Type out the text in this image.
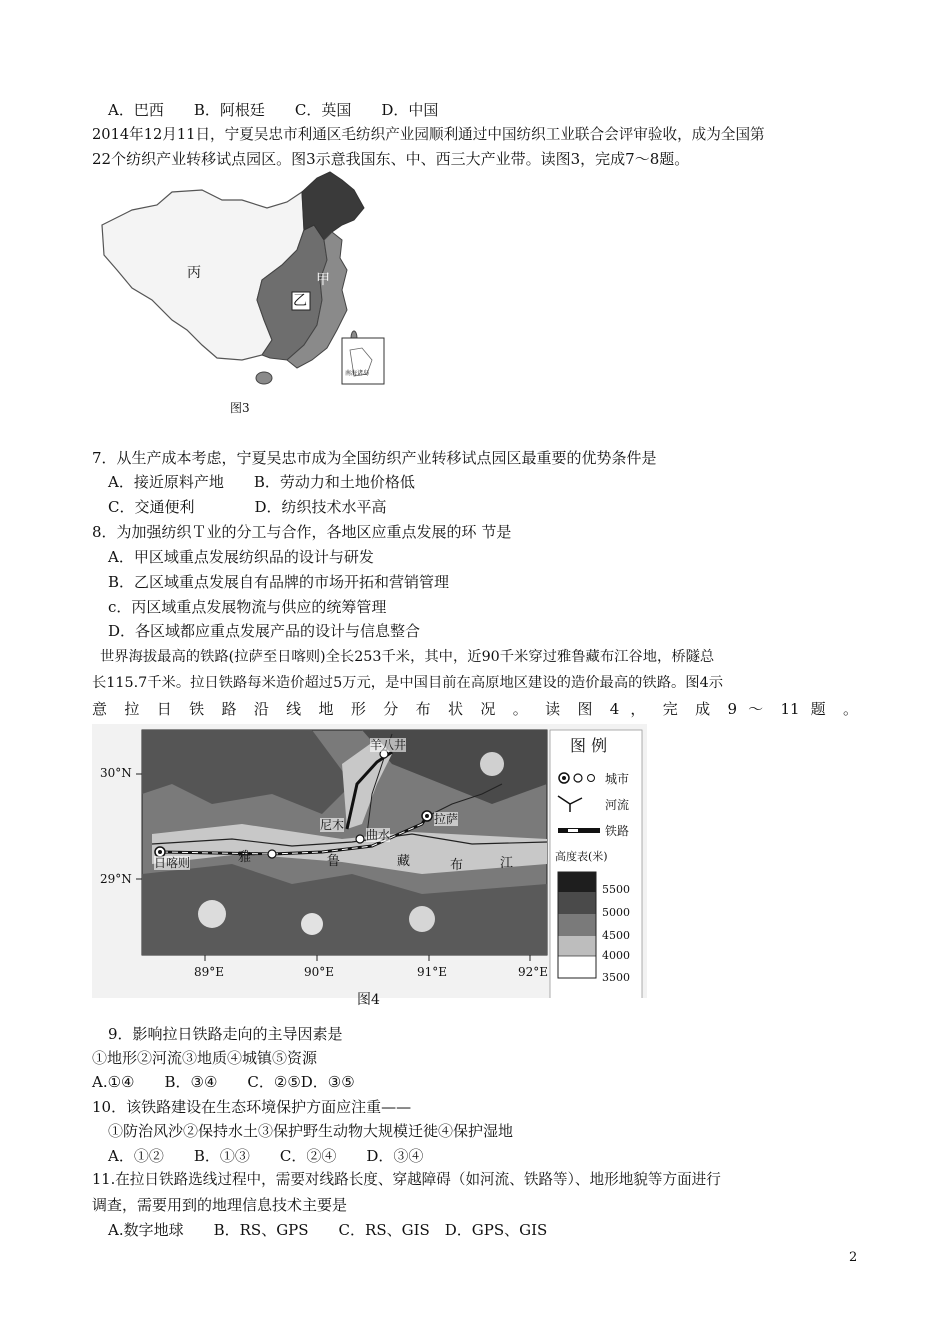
A．巴西　　B．阿根廷　　C．英国　　D．中国
2014年12月11日，宁夏吴忠市利通区毛纺织产业园顺利通过中国纺织工业联合会评审验收，成为全国第
22个纺织产业转移试点园区。图3示意我国东、中、西三大产业带。读图3，完成7～8题。
丙
乙
甲
南海诸岛
图3
7．从生产成本考虑，宁夏吴忠市成为全国纺织产业转移试点园区最重要的优势条件是
A．接近原料产地　　B．劳动力和土地价格低
C．交通便利　　　　D．纺织技术水平高
8．为加强纺织Ｔ业的分工与合作，各地区应重点发展的环 节是
A．甲区域重点发展纺织品的设计与研发
B．乙区域重点发展自有品牌的市场开拓和营销管理
c．丙区域重点发展物流与供应的统筹管理
D．各区域都应重点发展产品的设计与信息整合
世界海拔最高的铁路(拉萨至日喀则)全长253千米，其中，近90千米穿过雅鲁藏布江谷地，桥隧总
长115.7千米。拉日铁路每米造价超过5万元，是中国目前在高原地区建设的造价最高的铁路。图4示
意 拉 日 铁 路 沿 线 地 形 分 布 状 况 。 读 图 4 ， 完 成 9 ～ 11 题 。
30°N
29°N
89°E	90°E	91°E	92°E
拉萨
日喀则
羊八井
尼木
曲水
雅	鲁	藏	布	江
图 例
城市
河流
铁路
高度表(米)
5500
5000
4500
4000
3500
图4
9．影响拉日铁路走向的主导因素是
①地形②河流③地质④城镇⑤资源
A.①④　　B．③④　　C．②⑤D．③⑤
10．该铁路建设在生态环境保护方面应注重——
①防治风沙②保持水土③保护野生动物大规模迁徙④保护湿地
A．①②　　B．①③　　C．②④　　D．③④
11.在拉日铁路选线过程中，需要对线路长度、穿越障碍（如河流、铁路等）、地形地貌等方面进行
调查，需要用到的地理信息技术主要是
A.数字地球　　B．RS、GPS　　C．RS、GIS　D．GPS、GIS
2
